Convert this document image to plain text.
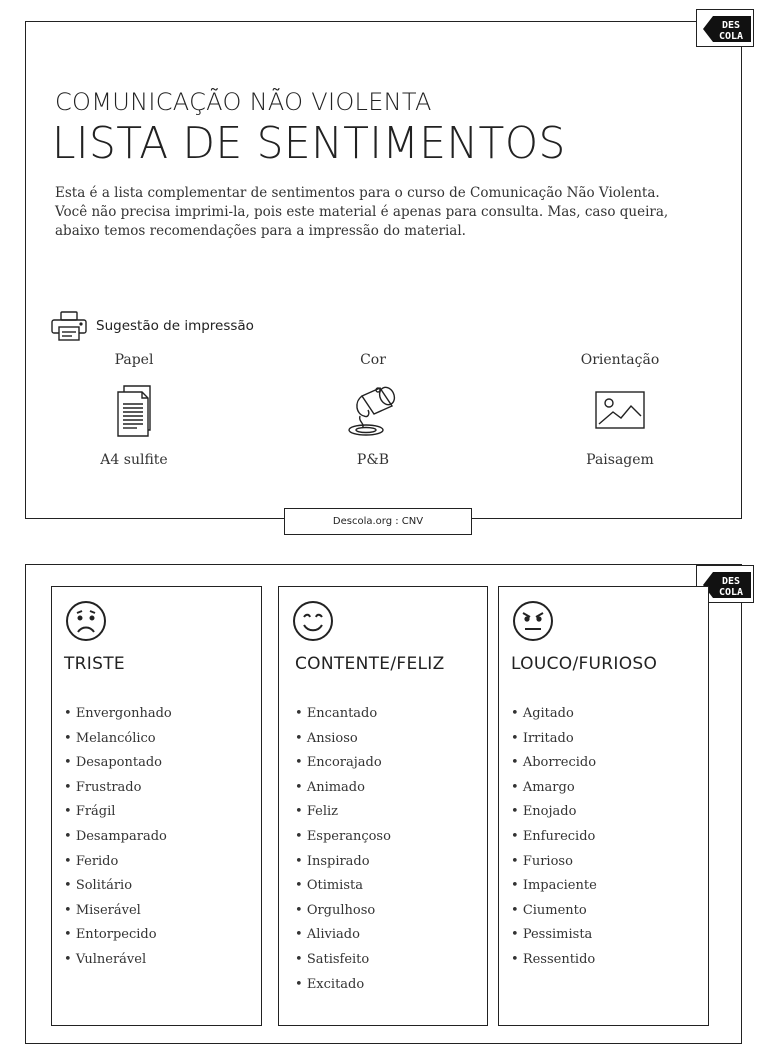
DES
COLA

COMUNICAÇÃO NÃO VIOLENTA

LISTA DE SENTIMENTOS

Esta é a lista complementar de sentimentos para o curso de Comunicação Não Violenta.
Você não precisa imprimi-la, pois este material é apenas para consulta. Mas, caso queira,
abaixo temos recomendações para a impressão do material.

Sugestão de impressão
Papel
A4 sulfite
Cor
P&B
Orientação
Paisagem
Descola.org : CNV
DES
COLA
TRISTE
• Envergonhado
• Melancólico
• Desapontado
• Frustrado
• Frágil
• Desamparado
• Ferido
• Solitário
• Miserável
• Entorpecido
• Vulnerável
CONTENTE/FELIZ
• Encantado
• Ansioso
• Encorajado
• Animado
• Feliz
• Esperançoso
• Inspirado
• Otimista
• Orgulhoso
• Aliviado
• Satisfeito
• Excitado
LOUCO/FURIOSO
• Agitado
• Irritado
• Aborrecido
• Amargo
• Enojado
• Enfurecido
• Furioso
• Impaciente
• Ciumento
• Pessimista
• Ressentido
